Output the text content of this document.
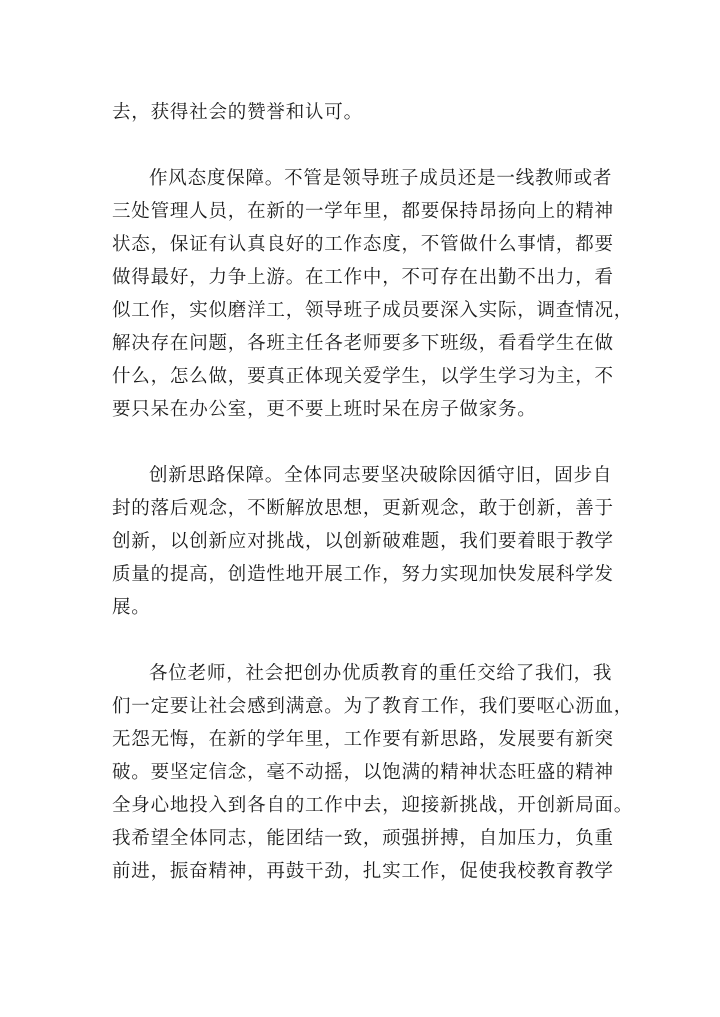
去，获得社会的赞誉和认可。
作风态度保障。不管是领导班子成员还是一线教师或者
三处管理人员，在新的一学年里，都要保持昂扬向上的精神
状态，保证有认真良好的工作态度，不管做什么事情，都要
做得最好，力争上游。在工作中，不可存在出勤不出力，看
似工作，实似磨洋工，领导班子成员要深入实际，调查情况，
解决存在问题，各班主任各老师要多下班级，看看学生在做
什么，怎么做，要真正体现关爱学生，以学生学习为主，不
要只呆在办公室，更不要上班时呆在房子做家务。
创新思路保障。全体同志要坚决破除因循守旧，固步自
封的落后观念，不断解放思想，更新观念，敢于创新，善于
创新，以创新应对挑战，以创新破难题，我们要着眼于教学
质量的提高，创造性地开展工作，努力实现加快发展科学发
展。
各位老师，社会把创办优质教育的重任交给了我们，我
们一定要让社会感到满意。为了教育工作，我们要呕心沥血，
无怨无悔，在新的学年里，工作要有新思路，发展要有新突
破。要坚定信念，毫不动摇，以饱满的精神状态旺盛的精神
全身心地投入到各自的工作中去，迎接新挑战，开创新局面。
我希望全体同志，能团结一致，顽强拼搏，自加压力，负重
前进，振奋精神，再鼓干劲，扎实工作，促使我校教育教学
